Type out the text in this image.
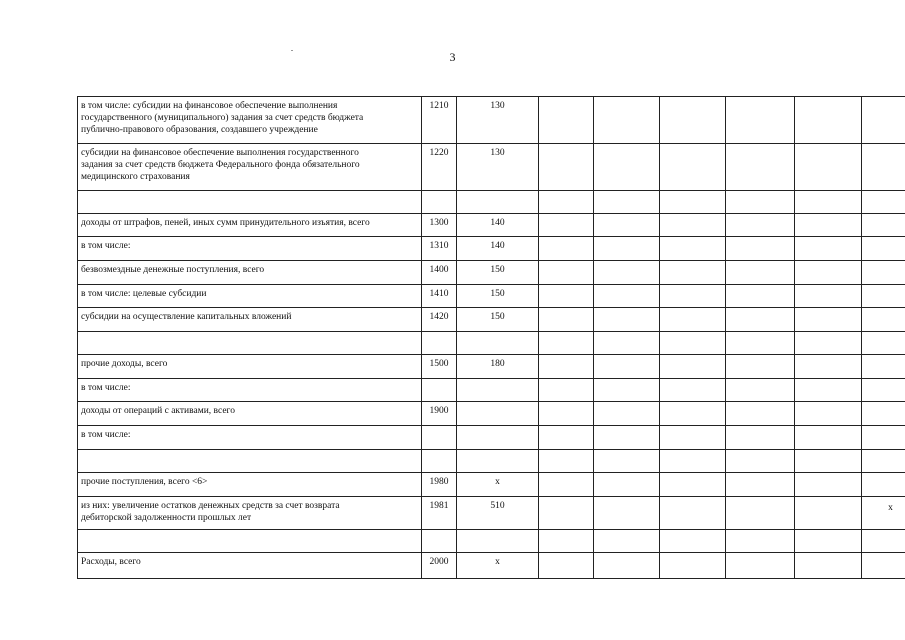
3
в том числе: субсидии на финансовое обеспечение выполнения
государственного (муниципального) задания за счет средств бюджета
публично-правового образования, создавшего учреждение	1210	130						
субсидии на финансовое обеспечение выполнения государственного
задания за счет средств бюджета Федерального фонда обязательного
медицинского страхования	1220	130						

доходы от штрафов, пеней, иных сумм принудительного изъятия, всего	1300	140						
в том числе:	1310	140						
безвозмездные денежные поступления, всего	1400	150						
в том числе: целевые субсидии	1410	150						
субсидии на осуществление капитальных вложений	1420	150						

прочие доходы, всего	1500	180						
в том числе:								
доходы от операций с активами, всего	1900							
в том числе:								

прочие поступления, всего <6>	1980	х						
из них: увеличение остатков денежных средств за счет возврата
дебиторской задолженности прошлых лет	1981	510						х

Расходы, всего	2000	х						
